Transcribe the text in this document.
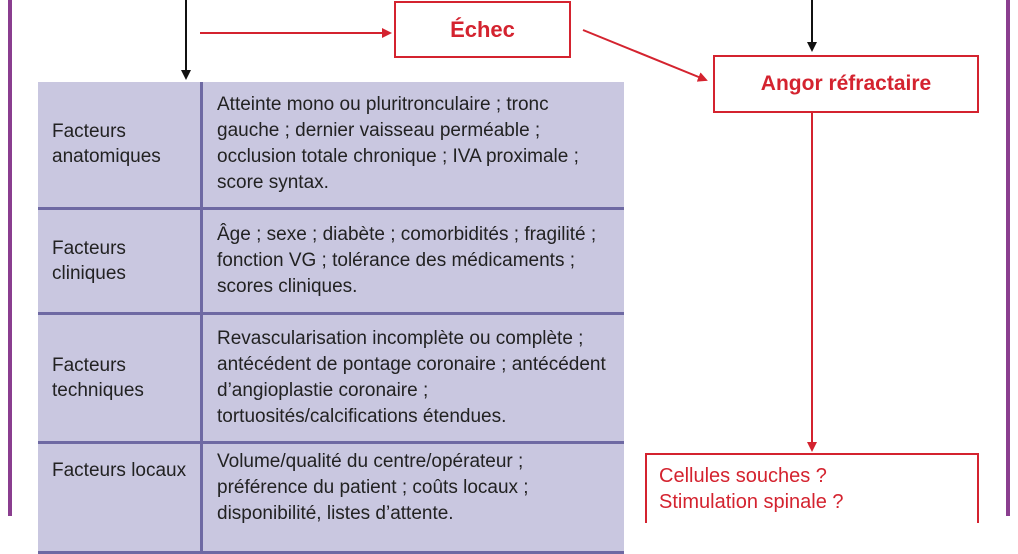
Échec
Angor réfractaire
Cellules souches ?
Stimulation spinale ?
Facteurs anatomiques	Atteinte mono ou pluritronculaire ; tronc gauche ; dernier vaisseau perméable ; occlusion totale chronique ; IVA proximale ; score syntax.
Facteurs cliniques	Âge ; sexe ; diabète ; comorbidités ; fragilité ; fonction VG ; tolérance des médicaments ; scores cliniques.
Facteurs techniques	Revascularisation incomplète ou complète ; antécédent de pontage coronaire ; antécédent d’angioplastie coronaire ; tortuosités/calcifications étendues.
Facteurs locaux	Volume/qualité du centre/opérateur ; préférence du patient ; coûts locaux ; disponibilité, listes d’attente.
